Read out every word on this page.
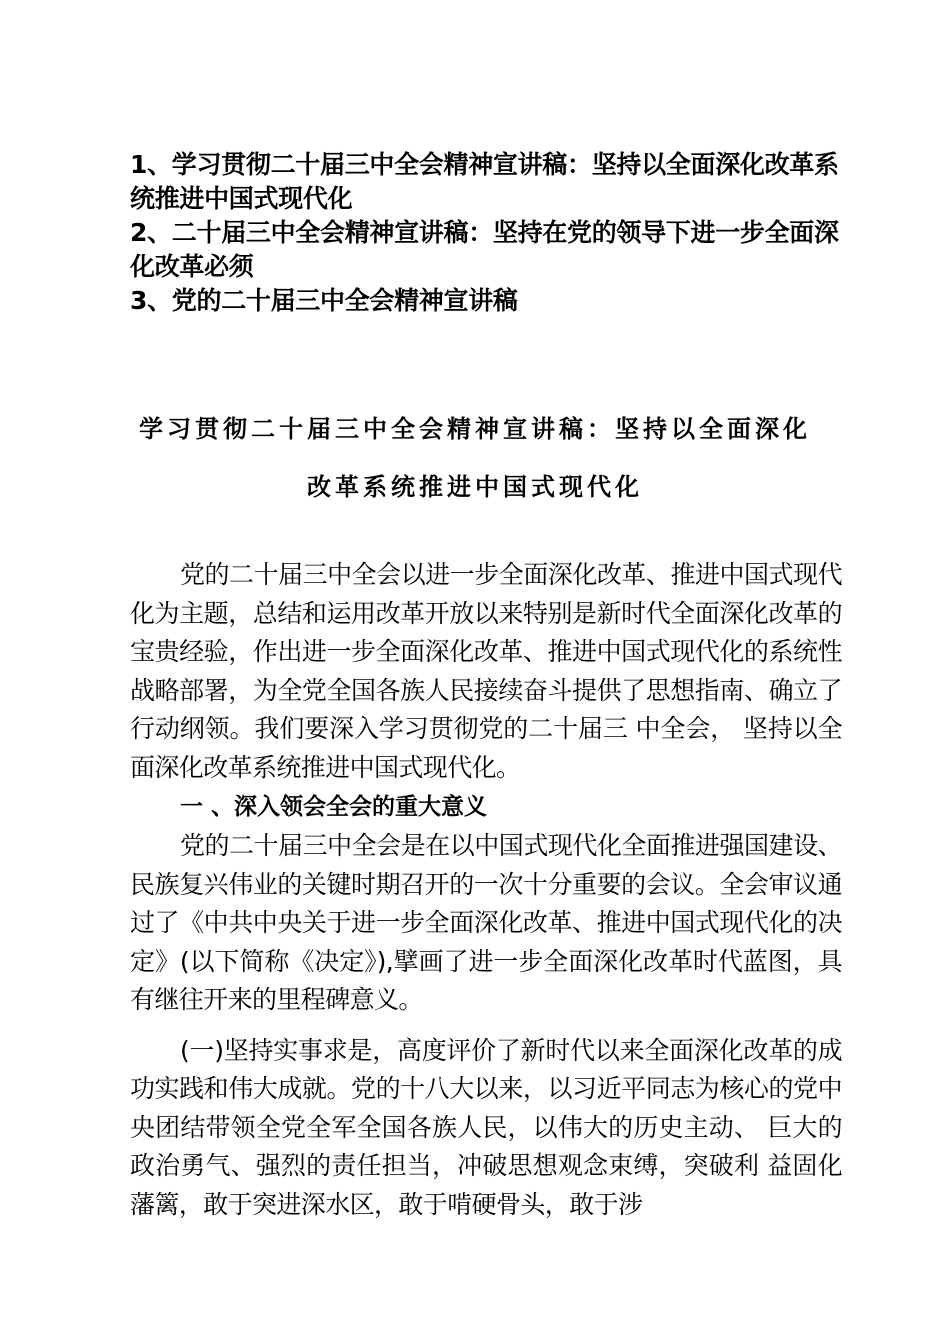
1、学习贯彻二十届三中全会精神宣讲稿：坚持以全面深化改革系统推进中国式现代化
2、二十届三中全会精神宣讲稿：坚持在党的领导下进一步全面深化改革必须
3、党的二十届三中全会精神宣讲稿
学习贯彻二十届三中全会精神宣讲稿：坚持以全面深化
改革系统推进中国式现代化

党的二十届三中全会以进一步全面深化改革、推进中国式现代化为主题，总结和运用改革开放以来特别是新时代全面深化改革的宝贵经验，作出进一步全面深化改革、推进中国式现代化的系统性战略部署，为全党全国各族人民接续奋斗提供了思想指南、确立了行动纲领。我们要深入学习贯彻党的二十届三 中全会， 坚持以全面深化改革系统推进中国式现代化。

一 、深入领会全会的重大意义

党的二十届三中全会是在以中国式现代化全面推进强国建设、民族复兴伟业的关键时期召开的一次十分重要的会议。全会审议通过了《中共中央关于进一步全面深化改革、推进中国式现代化的决定》(以下简称《决定》),擘画了进一步全面深化改革时代蓝图，具有继往开来的里程碑意义。

(一)坚持实事求是，高度评价了新时代以来全面深化改革的成功实践和伟大成就。党的十八大以来，以习近平同志为核心的党中央团结带领全党全军全国各族人民，以伟大的历史主动、 巨大的政治勇气、强烈的责任担当，冲破思想观念束缚，突破利 益固化藩篱，敢于突进深水区，敢于啃硬骨头，敢于涉
